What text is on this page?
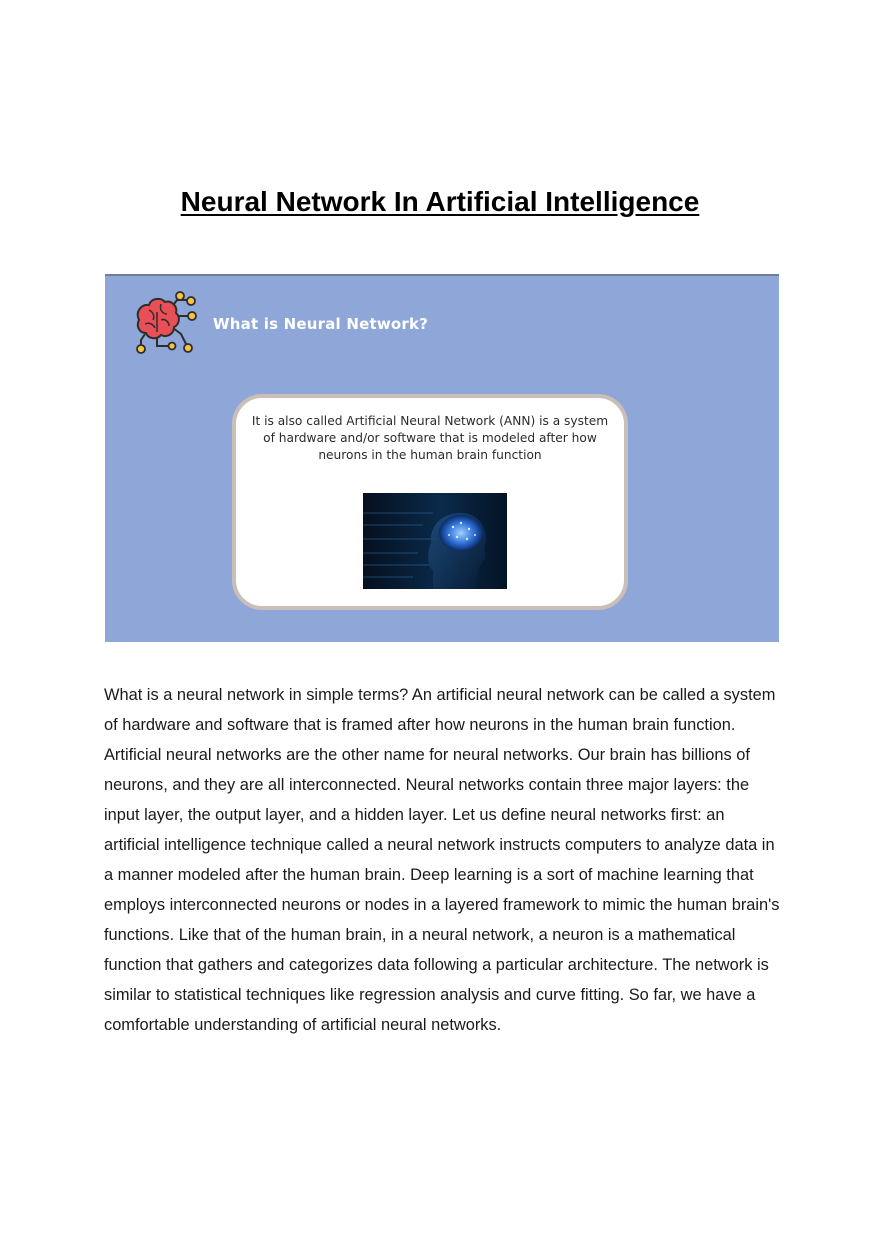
Neural Network In Artificial Intelligence
What is Neural Network?

It is also called Artificial Neural Network (ANN) is a system of hardware and/or software that is modeled after how neurons in the human brain function

What is a neural network in simple terms? An artificial neural network can be called a system of hardware and software that is framed after how neurons in the human brain function. Artificial neural networks are the other name for neural networks. Our brain has billions of neurons, and they are all interconnected. Neural networks contain three major layers: the input layer, the output layer, and a hidden layer. Let us define neural networks first: an artificial intelligence technique called a neural network instructs computers to analyze data in a manner modeled after the human brain. Deep learning is a sort of machine learning that employs interconnected neurons or nodes in a layered framework to mimic the human brain's functions. Like that of the human brain, in a neural network, a neuron is a mathematical function that gathers and categorizes data following a particular architecture. The network is similar to statistical techniques like regression analysis and curve fitting. So far, we have a comfortable understanding of artificial neural networks.
